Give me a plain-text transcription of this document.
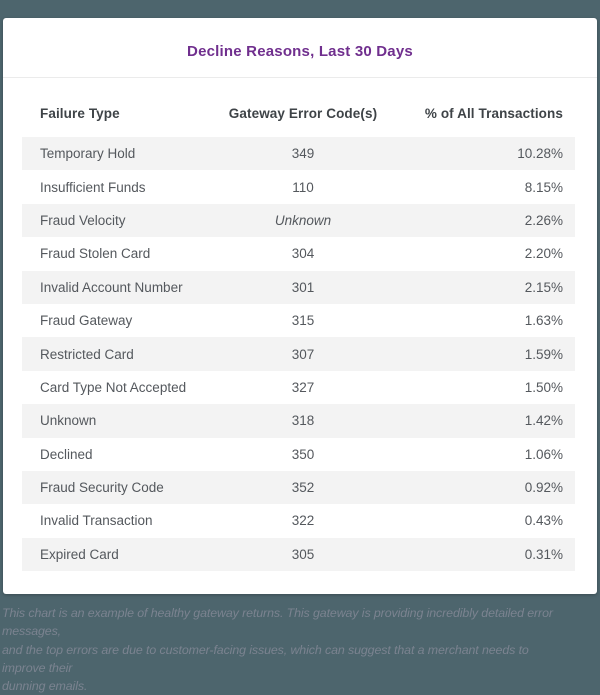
Decline Reasons, Last 30 Days
Failure Type	Gateway Error Code(s)	% of All Transactions
Temporary Hold	349	10.28%
Insufficient Funds	110	8.15%
Fraud Velocity	Unknown	2.26%
Fraud Stolen Card	304	2.20%
Invalid Account Number	301	2.15%
Fraud Gateway	315	1.63%
Restricted Card	307	1.59%
Card Type Not Accepted	327	1.50%
Unknown	318	1.42%
Declined	350	1.06%
Fraud Security Code	352	0.92%
Invalid Transaction	322	0.43%
Expired Card	305	0.31%
This chart is an example of healthy gateway returns. This gateway is providing incredibly detailed error messages,
and the top errors are due to customer-facing issues, which can suggest that a merchant needs to improve their
dunning emails.
